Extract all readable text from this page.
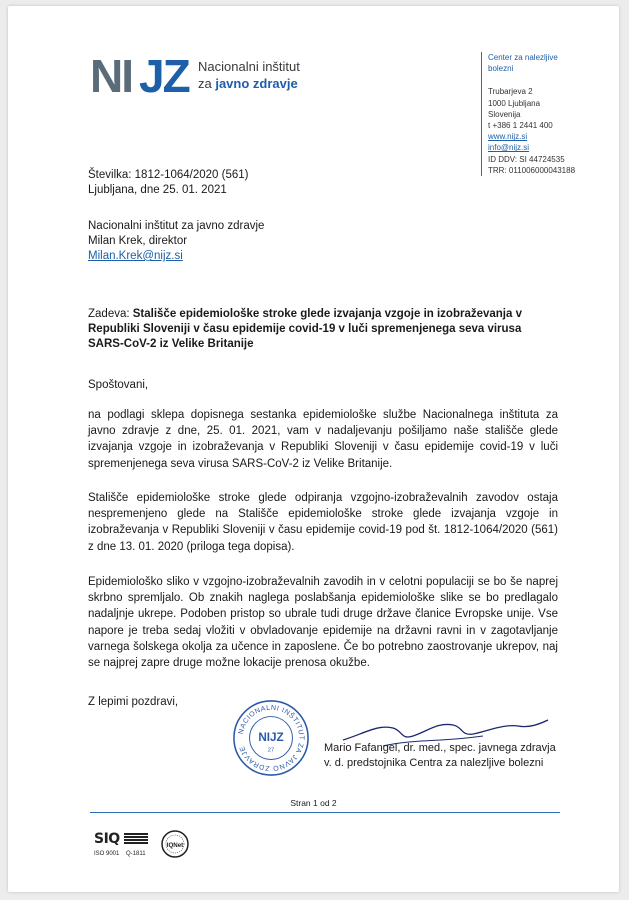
NI JZ Nacionalni inštitut
za javno zdravje
Center za nalezljive
bolezni
Trubarjeva 2
1000 Ljubljana
Slovenija
t +386 1 2441 400
www.nijz.si
info@nijz.si
ID DDV: SI 44724535
TRR: 011006000043188
Številka: 1812-1064/2020 (561)
Ljubljana, dne 25. 01. 2021
Nacionalni inštitut za javno zdravje
Milan Krek, direktor
Milan.Krek@nijz.si
Zadeva: Stališče epidemiološke stroke glede izvajanja vzgoje in izobraževanja v Republiki Sloveniji v času epidemije covid-19 v luči spremenjenega seva virusa SARS-CoV-2 iz Velike Britanije
Spoštovani,
na podlagi sklepa dopisnega sestanka epidemiološke službe Nacionalnega inštituta za javno zdravje z dne, 25. 01. 2021, vam v nadaljevanju pošiljamo naše stališče glede izvajanja vzgoje in izobraževanja v Republiki Sloveniji v času epidemije covid-19 v luči spremenjenega seva virusa SARS-CoV-2 iz Velike Britanije.
Stališče epidemiološke stroke glede odpiranja vzgojno-izobraževalnih zavodov ostaja nespremenjeno glede na Stališče epidemiološke stroke glede izvajanja vzgoje in izobraževanja v Republiki Sloveniji v času epidemije covid-19 pod št. 1812-1064/2020 (561) z dne 13. 01. 2020 (priloga tega dopisa).
Epidemiološko sliko v vzgojno-izobraževalnih zavodih in v celotni populaciji se bo še naprej skrbno spremljalo. Ob znakih naglega poslabšanja epidemiološke slike se bo predlagalo nadaljnje ukrepe. Podoben pristop so ubrale tudi druge države članice Evropske unije. Vse napore je treba sedaj vložiti v obvladovanje epidemije na državni ravni in v zagotavljanje varnega šolskega okolja za učence in zaposlene. Če bo potrebno zaostrovanje ukrepov, naj se najprej zapre druge možne lokacije prenosa okužbe.
Z lepimi pozdravi,
NACIONALNI INŠTITUT ZA JAVNO ZDRAVJE
NIJZ
27	Mario Fafangel, dr. med., spec. javnega zdravja
v. d. predstojnika Centra za nalezljive bolezni
Stran 1 od 2
SIQ
ISO 9001 Q-1811
IQNet
